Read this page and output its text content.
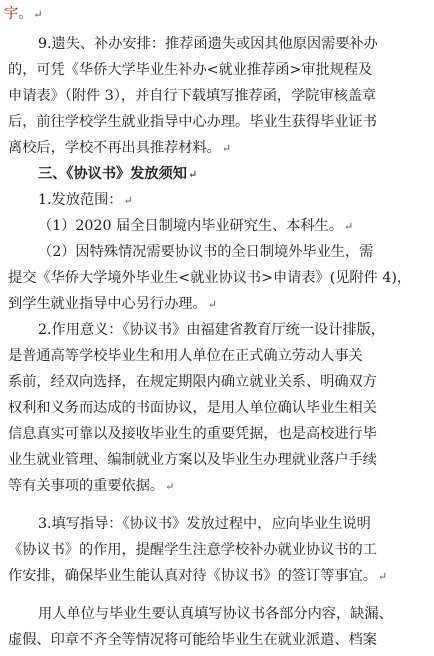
宇。↵
9.遗失、补办安排：推荐函遗失或因其他原因需要补办
的，可凭《华侨大学毕业生补办<就业推荐函>审批规程及
申请表》（附件 3），并自行下载填写推荐函，学院审核盖章
后，前往学校学生就业指导中心办理。毕业生获得毕业证书
离校后，学校不再出具推荐材料。↵
三、《协议书》发放须知↵
1.发放范围：↵
（1）2020 届全日制境内毕业研究生、本科生。↵
（2）因特殊情况需要协议书的全日制境外毕业生，需
提交《华侨大学境外毕业生<就业协议书>申请表》(见附件 4)，
到学生就业指导中心另行办理。↵
2.作用意义：《协议书》由福建省教育厅统一设计排版，
是普通高等学校毕业生和用人单位在正式确立劳动人事关
系前，经双向选择，在规定期限内确立就业关系、明确双方
权利和义务而达成的书面协议，是用人单位确认毕业生相关
信息真实可靠以及接收毕业生的重要凭据，也是高校进行毕
业生就业管理、编制就业方案以及毕业生办理就业落户手续
等有关事项的重要依据。↵
3.填写指导：《协议书》发放过程中，应向毕业生说明
《协议书》的作用，提醒学生注意学校补办就业协议书的工
作安排，确保毕业生能认真对待《协议书》的签订等事宜。↵
用人单位与毕业生要认真填写协议书各部分内容，缺漏、
虚假、印章不齐全等情况将可能给毕业生在就业派遣、档案
